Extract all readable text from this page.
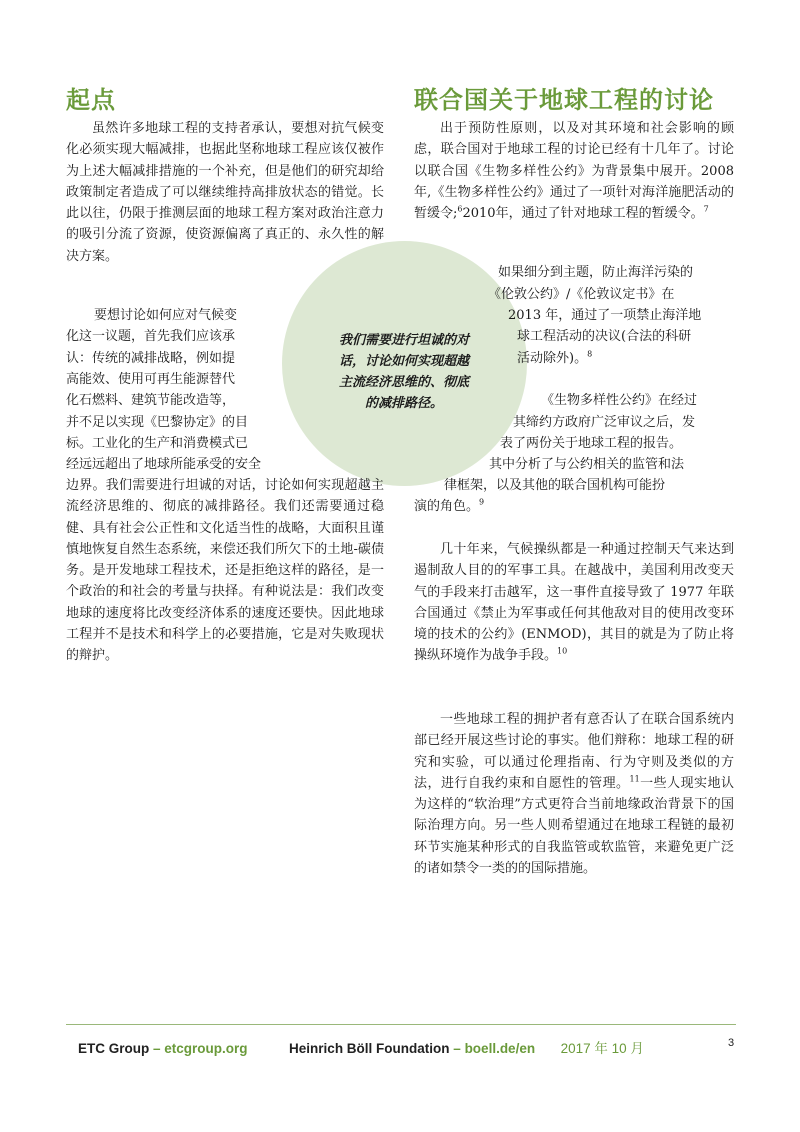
起点	联合国关于地球工程的讨论

我们需要进行坦诚的对话，讨论如何实现超越主流经济思维的、彻底的减排路径。

虽然许多地球工程的支持者承认，要想对抗气候变化必须实现大幅减排，也据此坚称地球工程应该仅被作为上述大幅减排措施的一个补充，但是他们的研究却给政策制定者造成了可以继续维持高排放状态的错觉。长此以往，仍限于推测层面的地球工程方案对政治注意力的吸引分流了资源，使资源偏离了真正的、永久性的解决方案。

要想讨论如何应对气候变
化这一议题，首先我们应该承
认：传统的减排战略，例如提
高能效、使用可再生能源替代
化石燃料、建筑节能改造等，
并不足以实现《巴黎协定》的目
标。工业化的生产和消费模式已
经远远超出了地球所能承受的安全

边界。我们需要进行坦诚的对话，讨论如何实现超越主流经济思维的、彻底的减排路径。我们还需要通过稳健、具有社会公正性和文化适当性的战略，大面积且谨慎地恢复自然生态系统，来偿还我们所欠下的土地-碳债务。是开发地球工程技术，还是拒绝这样的路径，是一个政治的和社会的考量与抉择。有种说法是：我们改变地球的速度将比改变经济体系的速度还要快。因此地球工程并不是技术和科学上的必要措施，它是对失败现状的辩护。

出于预防性原则，以及对其环境和社会影响的顾虑，联合国对于地球工程的讨论已经有十几年了。讨论以联合国《生物多样性公约》为背景集中展开。2008年,《生物多样性公约》通过了一项针对海洋施肥活动的暂缓令;$^6$2010年，通过了针对地球工程的暂缓令。$^7$

如果细分到主题，防止海洋污染的
《伦敦公约》/《伦敦议定书》在
2013 年，通过了一项禁止海洋地
球工程活动的决议(合法的科研
活动除外)。$^8$
《生物多样性公约》在经过
其缔约方政府广泛审议之后，发
表了两份关于地球工程的报告。
其中分析了与公约相关的监管和法
律框架，以及其他的联合国机构可能扮
演的角色。$^9$

几十年来，气候操纵都是一种通过控制天气来达到遏制敌人目的的军事工具。在越战中，美国利用改变天气的手段来打击越军，这一事件直接导致了 1977 年联合国通过《禁止为军事或任何其他敌对目的使用改变环境的技术的公约》(ENMOD)，其目的就是为了防止将操纵环境作为战争手段。$^{10}$

一些地球工程的拥护者有意否认了在联合国系统内部已经开展这些讨论的事实。他们辩称：地球工程的研究和实验，可以通过伦理指南、行为守则及类似的方法，进行自我约束和自愿性的管理。$^{11}$一些人现实地认为这样的“软治理”方式更符合当前地缘政治背景下的国际治理方向。另一些人则希望通过在地球工程链的最初环节实施某种形式的自我监管或软监管，来避免更广泛的诸如禁令一类的的国际措施。

ETC Group – etcgroup.org	Heinrich Böll Foundation – boell.de/en 2017 年 10 月	3
